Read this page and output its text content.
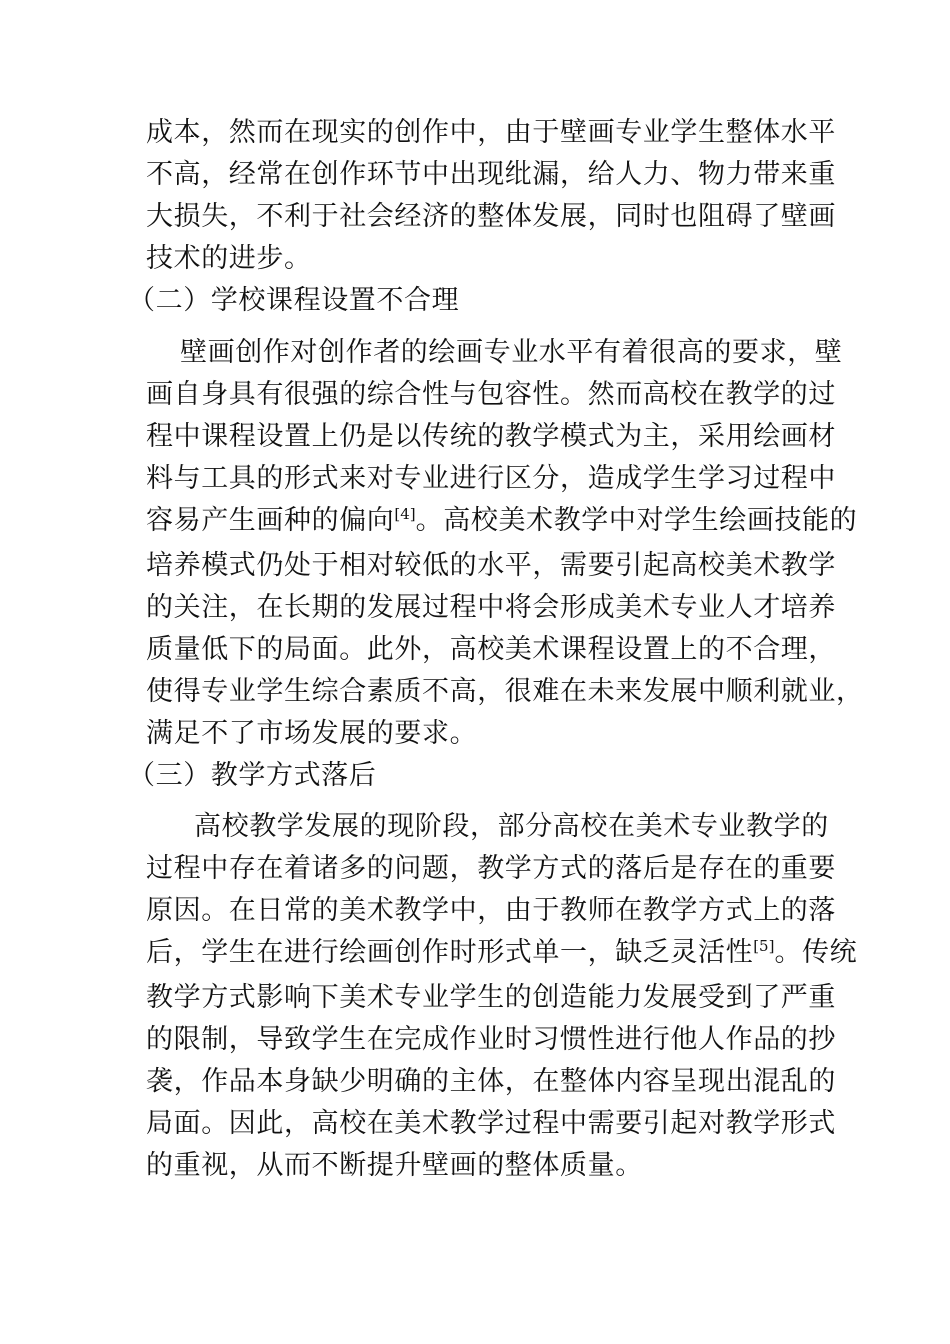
成本，然而在现实的创作中，由于壁画专业学生整体水平
不高，经常在创作环节中出现纰漏，给人力、物力带来重
大损失，不利于社会经济的整体发展，同时也阻碍了壁画
技术的进步。
（二）学校课程设置不合理
壁画创作对创作者的绘画专业水平有着很高的要求，壁
画自身具有很强的综合性与包容性。然而高校在教学的过
程中课程设置上仍是以传统的教学模式为主，采用绘画材
料与工具的形式来对专业进行区分，造成学生学习过程中
容易产生画种的偏向[4]。高校美术教学中对学生绘画技能的
培养模式仍处于相对较低的水平，需要引起高校美术教学
的关注，在长期的发展过程中将会形成美术专业人才培养
质量低下的局面。此外，高校美术课程设置上的不合理，
使得专业学生综合素质不高，很难在未来发展中顺利就业，
满足不了市场发展的要求。
（三）教学方式落后
高校教学发展的现阶段，部分高校在美术专业教学的
过程中存在着诸多的问题，教学方式的落后是存在的重要
原因。在日常的美术教学中，由于教师在教学方式上的落
后，学生在进行绘画创作时形式单一，缺乏灵活性[5]。传统
教学方式影响下美术专业学生的创造能力发展受到了严重
的限制，导致学生在完成作业时习惯性进行他人作品的抄
袭，作品本身缺少明确的主体，在整体内容呈现出混乱的
局面。因此，高校在美术教学过程中需要引起对教学形式
的重视，从而不断提升壁画的整体质量。
